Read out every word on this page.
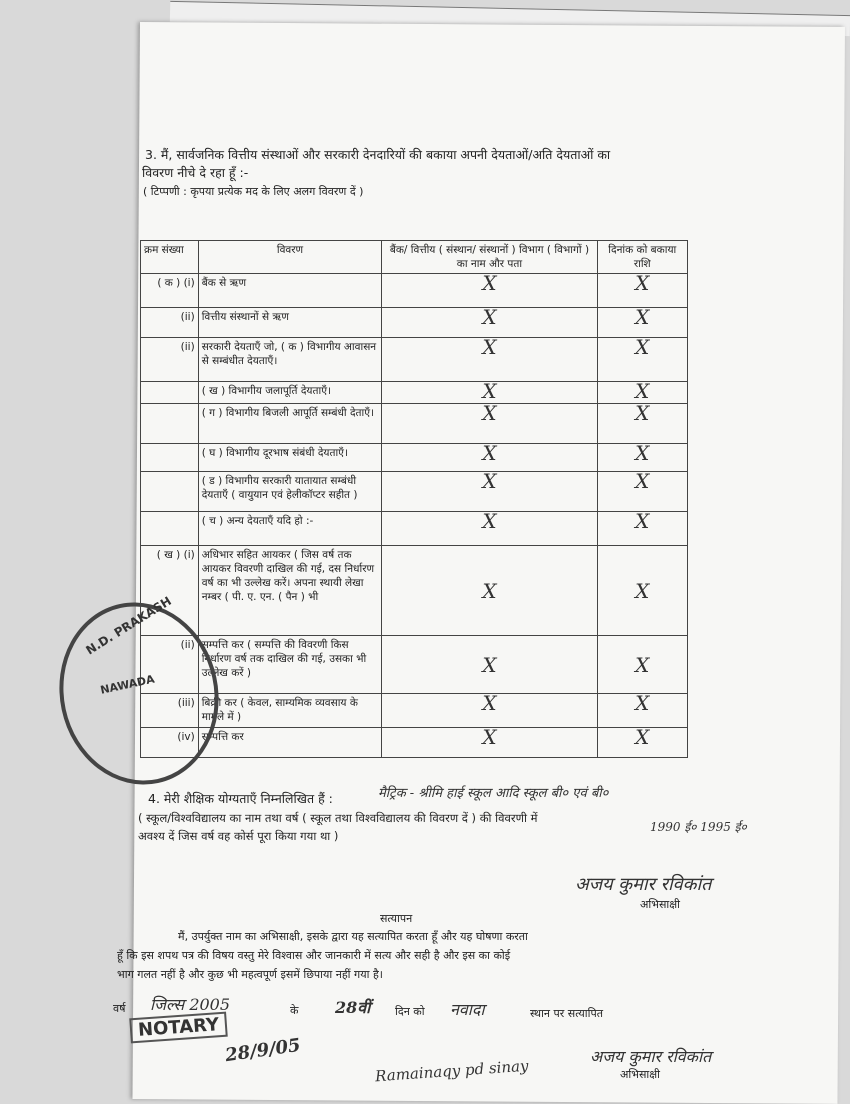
3. मैं, सार्वजनिक वित्तीय संस्थाओं और सरकारी देनदारियों की बकाया अपनी देयताओं/अति देयताओं का
विवरण नीचे दे रहा हूँ :-
( टिप्पणी : कृपया प्रत्येक मद के लिए अलग विवरण दें )
क्रम संख्या	विवरण	बैंक/ वित्तीय ( संस्थान/ संस्थानों ) विभाग ( विभागों ) का नाम और पता	दिनांक को बकाया राशि
( क ) (i)	बैंक से ऋण	X	X

(ii)	वित्तीय संस्थानों से ऋण	X	X

(ii)	सरकारी देयताएँ जो, ( क ) विभागीय आवासन से सम्बंधीत देयताएँ।	X	X

	( ख ) विभागीय जलापूर्ति देयताएँ।	X	X

	( ग ) विभागीय बिजली आपूर्ति सम्बंधी देताएँ।	X	X

	( घ ) विभागीय दूरभाष संबंधी देयताएँ।	X	X

	( ड ) विभागीय सरकारी यातायात सम्बंधी देयताएँ ( वायुयान एवं हेलीकॉप्टर सहीत )	X	X

	( च ) अन्य देयताएँ यदि हो :-	X	X

( ख ) (i)	अधिभार सहित आयकर ( जिस वर्ष तक आयकर विवरणी दाखिल की गई, दस निर्धारण वर्ष का भी उल्लेख करें। अपना स्थायी लेखा नम्बर ( पी. ए. एन. ( पैन ) भी	X	X

(ii)	सम्पत्ति कर ( सम्पत्ति की विवरणी किस निर्धारण वर्ष तक दाखिल की गई, उसका भी उल्लेख करें )	X	X

(iii)	बिक्री कर ( केवल, साम्यमिक व्यवसाय के मामले में )	X	X

(iv)	सम्पत्ति कर	X	X
N.D. PRAKASH
NAWADA
4. मेरी शैक्षिक योग्यताएँ निम्नलिखित हैं :	मैट्रिक - श्रीमि हाई स्कूल आदि स्कूल बी० एवं बी०
( स्कूल/विश्वविद्यालय का नाम तथा वर्ष ( स्कूल तथा विश्वविद्यालय की विवरण दें ) की विवरणी में
1990 ई० 1995 ई०
अवश्य दें जिस वर्ष वह कोर्स पूरा किया गया था )
अजय कुमार रविकांत
अभिसाक्षी
सत्यापन
मैं, उपर्युक्त नाम का अभिसाक्षी, इसके द्वारा यह सत्यापित करता हूँ और यह घोषणा करता
हूँ कि इस शपथ पत्र की विषय वस्तु मेरे विश्वास और जानकारी में सत्य और सही है और इस का कोई
भाग गलत नहीं है और कुछ भी महत्वपूर्ण इसमें छिपाया नहीं गया है।
वर्ष जिल्स 2005	के 28वीं दिन को नवादा	स्थान पर सत्यापित
NOTARY
28/9/05
Ramainaqy pd sinay
अजय कुमार रविकांत
अभिसाक्षी
